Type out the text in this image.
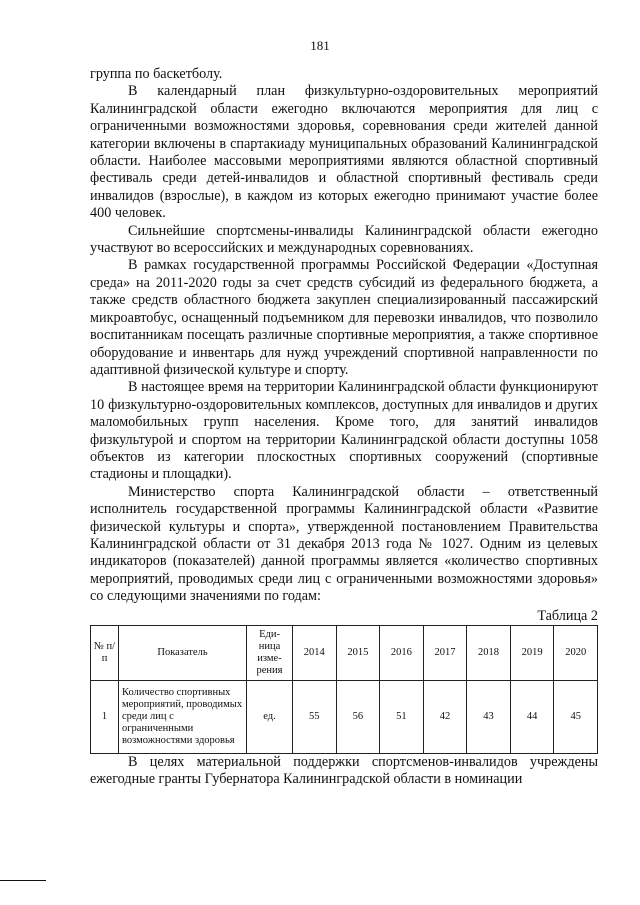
181

группа по баскетболу.

В календарный план физкультурно-оздоровительных мероприятий Калининградской области ежегодно включаются мероприятия для лиц с ограниченными возможностями здоровья, соревнования среди жителей данной категории включены в спартакиаду муниципальных образований Калининградской области. Наиболее массовыми мероприятиями являются областной спортивный фестиваль среди детей-инвалидов и областной спортивный фестиваль среди инвалидов (взрослые), в каждом из которых ежегодно принимают участие более 400 человек.

Сильнейшие спортсмены-инвалиды Калининградской области ежегодно участвуют во всероссийских и международных соревнованиях.

В рамках государственной программы Российской Федерации «Доступная среда» на 2011-2020 годы за счет средств субсидий из федерального бюджета, а также средств областного бюджета закуплен специализированный пассажирский микроавтобус, оснащенный подъемником для перевозки инвалидов, что позволило воспитанникам посещать различные спортивные мероприятия, а также спортивное оборудование и инвентарь для нужд учреждений спортивной направленности по адаптивной физической культуре и спорту.

В настоящее время на территории Калининградской области функционируют 10 физкультурно-оздоровительных комплексов, доступных для инвалидов и других маломобильных групп населения. Кроме того, для занятий инвалидов физкультурой и спортом на территории Калининградской области доступны 1058 объектов из категории плоскостных спортивных сооружений (спортивные стадионы и площадки).

Министерство спорта Калининградской области – ответственный исполнитель государственной программы Калининградской области «Развитие физической культуры и спорта», утвержденной постановлением Правительства Калининградской области от 31 декабря 2013 года № 1027. Одним из целевых индикаторов (показателей) данной программы является «количество спортивных мероприятий, проводимых среди лиц с ограниченными возможностями здоровья» со следующими значениями по годам:

Таблица 2
№ п/п	Показатель	Еди-ница изме-рения	2014	2015	2016	2017	2018	2019	2020
1	Количество спортивных мероприятий, проводимых среди лиц с ограниченными возможностями здоровья	ед.	55	56	51	42	43	44	45

В целях материальной поддержки спортсменов-инвалидов учреждены ежегодные гранты Губернатора Калининградской области в номинации
